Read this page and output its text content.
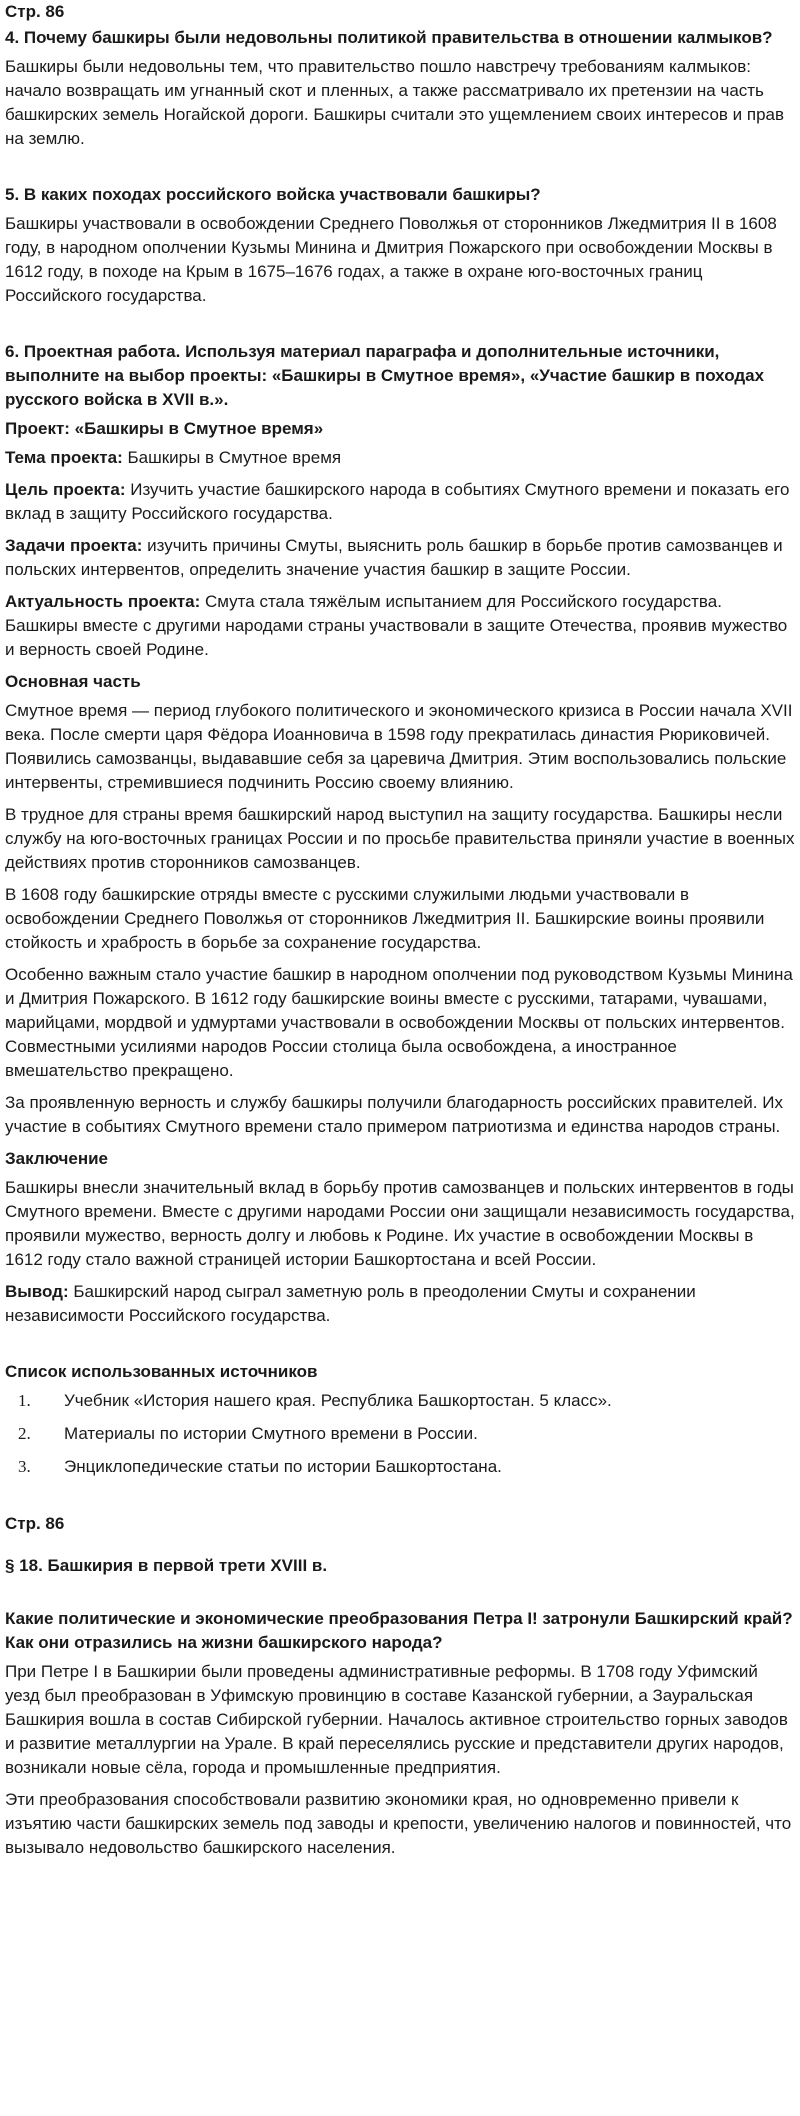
Стр. 86
4. Почему башкиры были недовольны политикой правительства в отношении калмыков?

Башкиры были недовольны тем, что правительство пошло навстречу требованиям калмыков: начало возвращать им угнанный скот и пленных, а также рассматривало их претензии на часть башкирских земель Ногайской дороги. Башкиры считали это ущемлением своих интересов и прав на землю.

5. В каких походах российского войска участвовали башкиры?

Башкиры участвовали в освобождении Среднего Поволжья от сторонников Лжедмитрия II в 1608 году, в народном ополчении Кузьмы Минина и Дмитрия Пожарского при освобождении Москвы в 1612 году, в походе на Крым в 1675–1676 годах, а также в охране юго-восточных границ Российского государства.

6. Проектная работа. Используя материал параграфа и дополнительные источники, выполните на выбор проекты: «Башкиры в Смутное время», «Участие башкир в походах русского войска в XVII в.».
Проект: «Башкиры в Смутное время»

Тема проекта: Башкиры в Смутное время

Цель проекта: Изучить участие башкирского народа в событиях Смутного времени и показать его вклад в защиту Российского государства.

Задачи проекта: изучить причины Смуты, выяснить роль башкир в борьбе против самозванцев и польских интервентов, определить значение участия башкир в защите России.

Актуальность проекта: Смута стала тяжёлым испытанием для Российского государства. Башкиры вместе с другими народами страны участвовали в защите Отечества, проявив мужество и верность своей Родине.

Основная часть

Смутное время — период глубокого политического и экономического кризиса в России начала XVII века. После смерти царя Фёдора Иоанновича в 1598 году прекратилась династия Рюриковичей. Появились самозванцы, выдававшие себя за царевича Дмитрия. Этим воспользовались польские интервенты, стремившиеся подчинить Россию своему влиянию.

В трудное для страны время башкирский народ выступил на защиту государства. Башкиры несли службу на юго-восточных границах России и по просьбе правительства приняли участие в военных действиях против сторонников самозванцев.

В 1608 году башкирские отряды вместе с русскими служилыми людьми участвовали в освобождении Среднего Поволжья от сторонников Лжедмитрия II. Башкирские воины проявили стойкость и храбрость в борьбе за сохранение государства.

Особенно важным стало участие башкир в народном ополчении под руководством Кузьмы Минина и Дмитрия Пожарского. В 1612 году башкирские воины вместе с русскими, татарами, чувашами, марийцами, мордвой и удмуртами участвовали в освобождении Москвы от польских интервентов. Совместными усилиями народов России столица была освобождена, а иностранное вмешательство прекращено.

За проявленную верность и службу башкиры получили благодарность российских правителей. Их участие в событиях Смутного времени стало примером патриотизма и единства народов страны.

Заключение

Башкиры внесли значительный вклад в борьбу против самозванцев и польских интервентов в годы Смутного времени. Вместе с другими народами России они защищали независимость государства, проявили мужество, верность долгу и любовь к Родине. Их участие в освобождении Москвы в 1612 году стало важной страницей истории Башкортостана и всей России.

Вывод: Башкирский народ сыграл заметную роль в преодолении Смуты и сохранении независимости Российского государства.

Список использованных источников
1.	Учебник «История нашего края. Республика Башкортостан. 5 класс».
2.	Материалы по истории Смутного времени в России.
3.	Энциклопедические статьи по истории Башкортостана.
Стр. 86
§ 18. Башкирия в первой трети XVIII в.
Какие политические и экономические преобразования Петра I! затронули Башкирский край? Как они отразились на жизни башкирского народа?

При Петре I в Башкирии были проведены административные реформы. В 1708 году Уфимский уезд был преобразован в Уфимскую провинцию в составе Казанской губернии, а Зауральская Башкирия вошла в состав Сибирской губернии. Началось активное строительство горных заводов и развитие металлургии на Урале. В край переселялись русские и представители других народов, возникали новые сёла, города и промышленные предприятия.

Эти преобразования способствовали развитию экономики края, но одновременно привели к изъятию части башкирских земель под заводы и крепости, увеличению налогов и повинностей, что вызывало недовольство башкирского населения.
